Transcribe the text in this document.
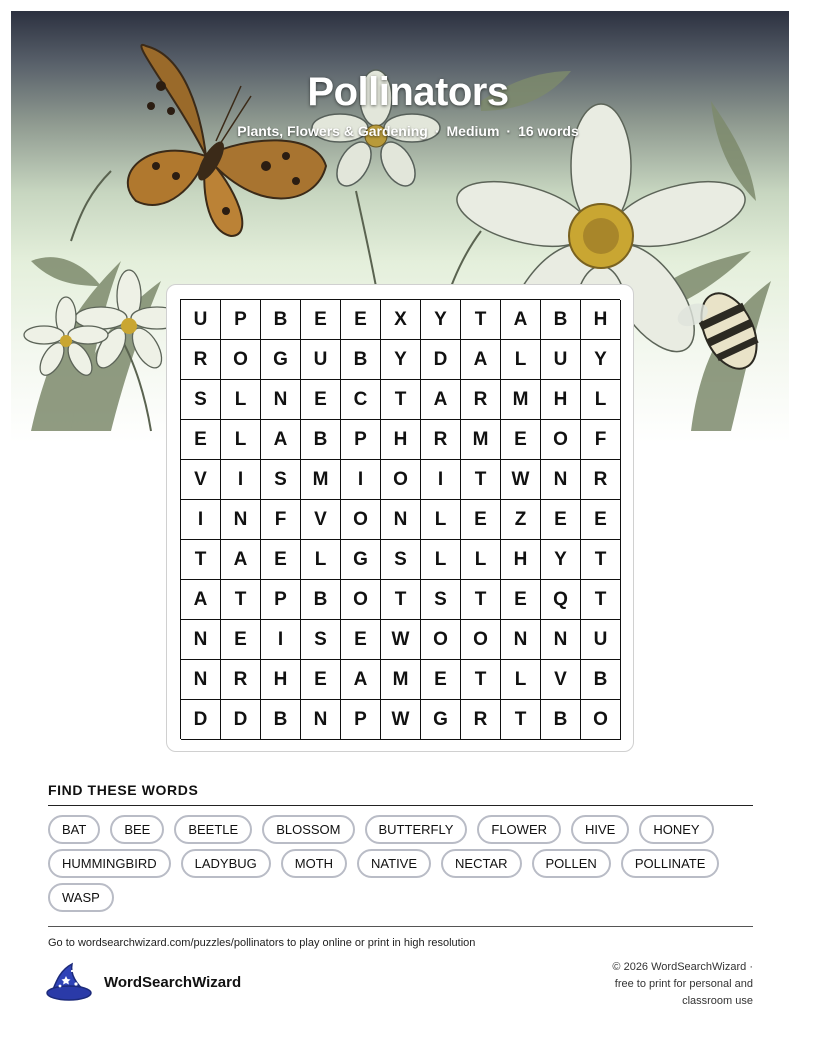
Pollinators
Plants, Flowers & Gardening · Medium · 16 words
U	P	B	E	E	X	Y	T	A	B	H
R	O	G	U	B	Y	D	A	L	U	Y
S	L	N	E	C	T	A	R	M	H	L
E	L	A	B	P	H	R	M	E	O	F
V	I	S	M	I	O	I	T	W	N	R
I	N	F	V	O	N	L	E	Z	E	E
T	A	E	L	G	S	L	L	H	Y	T
A	T	P	B	O	T	S	T	E	Q	T
N	E	I	S	E	W	O	O	N	N	U
N	R	H	E	A	M	E	T	L	V	B
D	D	B	N	P	W	G	R	T	B	O
FIND THESE WORDS
BAT	BEE	BEETLE	BLOSSOM	BUTTERFLY	FLOWER	HIVE	HONEY
HUMMINGBIRD	LADYBUG	MOTH	NATIVE	NECTAR	POLLEN	POLLINATE
WASP
Go to wordsearchwizard.com/puzzles/pollinators to play online or print in high resolution
WordSearchWizard
© 2026 WordSearchWizard ·
free to print for personal and
classroom use
